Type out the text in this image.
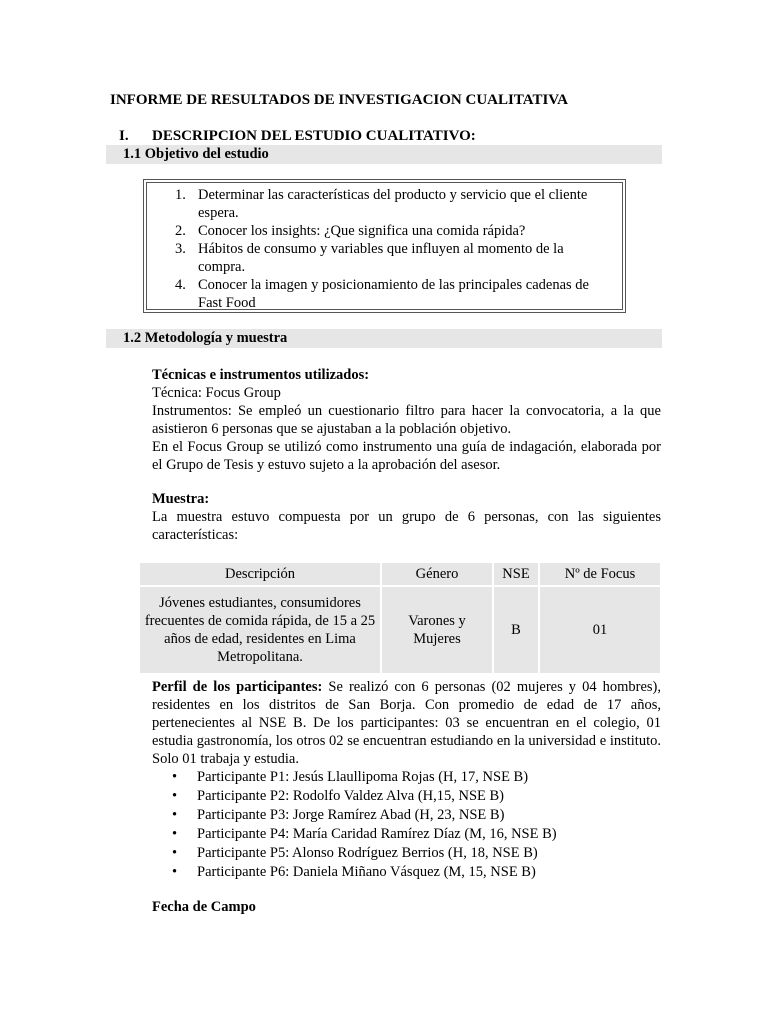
INFORME DE RESULTADOS DE INVESTIGACION CUALITATIVA
I. DESCRIPCION DEL ESTUDIO CUALITATIVO:
1.1 Objetivo del estudio
1. Determinar las características del producto y servicio que el cliente espera.
2. Conocer los insights: ¿Que significa una comida rápida?
3. Hábitos de consumo y variables que influyen al momento de la compra.
4. Conocer la imagen y posicionamiento de las principales cadenas de Fast Food
1.2 Metodología y muestra

Técnicas e instrumentos utilizados:

Técnica: Focus Group

Instrumentos: Se empleó un cuestionario filtro para hacer la convocatoria, a la que asistieron 6 personas que se ajustaban a la población objetivo.

En el Focus Group se utilizó como instrumento una guía de indagación, elaborada por el Grupo de Tesis y estuvo sujeto a la aprobación del asesor.

Muestra:

La muestra estuvo compuesta por un grupo de 6 personas, con las siguientes características:

Descripción	Género	NSE	Nº de Focus
Jóvenes estudiantes, consumidores frecuentes de comida rápida, de 15 a 25 años de edad, residentes en Lima Metropolitana.	Varones y Mujeres	B	01

Perfil de los participantes: Se realizó con 6 personas (02 mujeres y 04 hombres), residentes en los distritos de San Borja. Con promedio de edad de 17 años, pertenecientes al NSE B. De los participantes: 03 se encuentran en el colegio, 01 estudia gastronomía, los otros 02 se encuentran estudiando en la universidad e instituto. Solo 01 trabaja y estudia.

• Participante P1: Jesús Llaullipoma Rojas (H, 17, NSE B)
• Participante P2: Rodolfo Valdez Alva (H,15, NSE B)
• Participante P3: Jorge Ramírez Abad (H, 23, NSE B)
• Participante P4: María Caridad Ramírez Díaz (M, 16, NSE B)
• Participante P5: Alonso Rodríguez Berrios (H, 18, NSE B)
• Participante P6: Daniela Miñano Vásquez (M, 15, NSE B)
Fecha de Campo
